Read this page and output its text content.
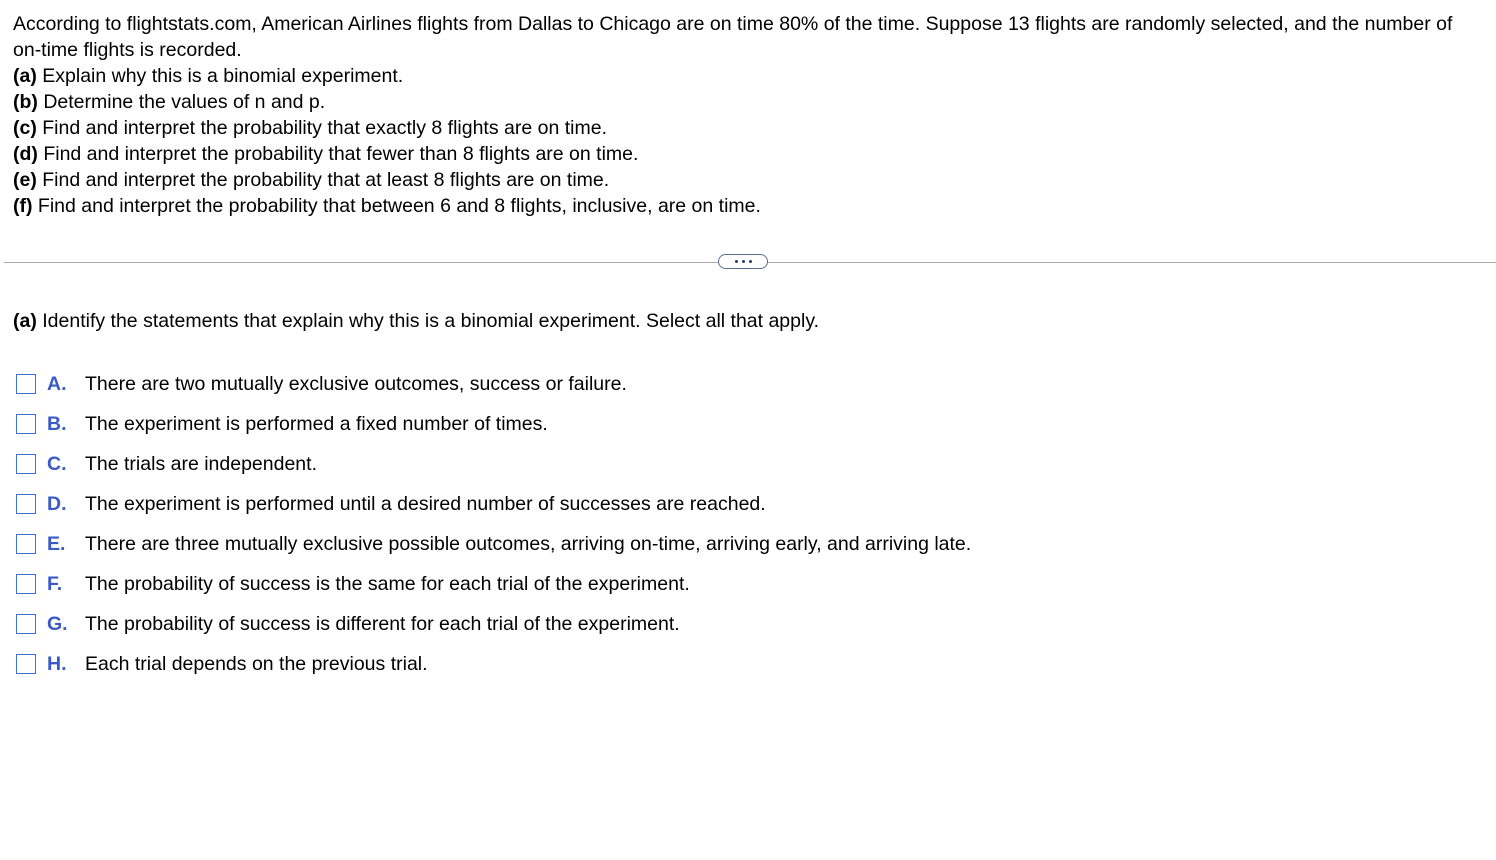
According to flightstats.com, American Airlines flights from Dallas to Chicago are on time 80% of the time. Suppose 13 flights are randomly selected, and the number of on-time flights is recorded.

(a) Explain why this is a binomial experiment.

(b) Determine the values of n and p.

(c) Find and interpret the probability that exactly 8 flights are on time.

(d) Find and interpret the probability that fewer than 8 flights are on time.

(e) Find and interpret the probability that at least 8 flights are on time.

(f) Find and interpret the probability that between 6 and 8 flights, inclusive, are on time.

(a) Identify the statements that explain why this is a binomial experiment. Select all that apply.
A. There are two mutually exclusive outcomes, success or failure.
B. The experiment is performed a fixed number of times.
C. The trials are independent.
D. The experiment is performed until a desired number of successes are reached.
E.	There are three mutually exclusive possible outcomes, arriving on-time, arriving early, and arriving late.
F.	The probability of success is the same for each trial of the experiment.
G. The probability of success is different for each trial of the experiment.
H. Each trial depends on the previous trial.
